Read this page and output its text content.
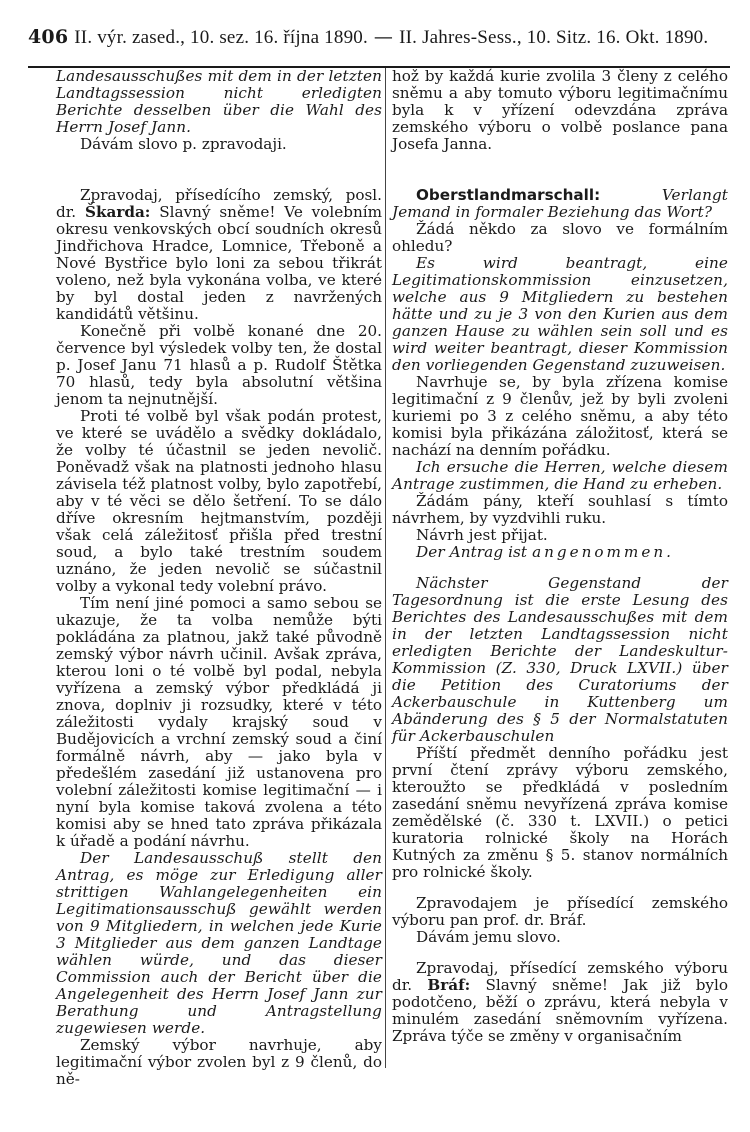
406 II. výr. zased., 10. sez. 16. října 1890. — II. Jahres-Sess., 10. Sitz. 16. Okt. 1890.

Landesausschußes mit dem in der letzten Landtagssession nicht erledigten Berichte desselben über die Wahl des Herrn Josef Jann.

Dávám slovo p. zpravodaji.

Zpravodaj, přísedícího zemský, posl. dr. Škarda: Slavný sněme! Ve volebním okresu venkovských obcí soudních okresů Jindřichova Hradce, Lomnice, Třeboně a Nové Bystřice bylo loni za sebou třikrát voleno, než byla vykonána volba, ve které by byl dostal jeden z navržených kandidátů většinu.

Konečně při volbě konané dne 20. července byl výsledek volby ten, že dostal p. Josef Janu 71 hlasů a p. Rudolf Štětka 70 hlasů, tedy byla absolutní většina jenom ta nejnutnější.

Proti té volbě byl však podán protest, ve které se uvádělo a svědky dokládalo, že volby té účastnil se jeden nevolič. Poněvadž však na platnosti jednoho hlasu závisela též platnost volby, bylo zapotřebí, aby v té věci se dělo šetření. To se dálo dříve okresním hejtmanstvím, později však celá záležitosť přišla před trestní soud, a bylo také trestním soudem uznáno, že jeden nevolič se súčastnil volby a vykonal tedy volební právo.

Tím není jiné pomoci a samo sebou se ukazuje, že ta volba nemůže býti pokládána za platnou, jakž také původně zemský výbor návrh učinil. Avšak zpráva, kterou loni o té volbě byl podal, nebyla vyřízena a zemský výbor předkládá ji znova, doplniv ji rozsudky, které v této záležitosti vydaly krajský soud v Budějovicích a vrchní zemský soud a činí formálně návrh, aby — jako byla v předešlém zasedání již ustanovena pro volební záležitosti komise legitimační — i nyní byla komise taková zvolena a této komisi aby se hned tato zpráva přikázala k úřadě a podání návrhu.

Der Landesausschuß stellt den Antrag, es möge zur Erledigung aller strittigen Wahlangelegenheiten ein Legitimationsausschuß gewählt werden von 9 Mitgliedern, in welchen jede Kurie 3 Mitglieder aus dem ganzen Landtage wählen würde, und das dieser Commission auch der Bericht über die Angelegenheit des Herrn Josef Jann zur Berathung und Antragstellung zugewiesen werde.

Zemský výbor navrhuje, aby legitimační výbor zvolen byl z 9 členů, do ně-

hož by každá kurie zvolila 3 členy z celého sněmu a aby tomuto výboru legitimačnímu byla k v yřízení odevzdána zpráva zemského výboru o volbě poslance pana Josefa Janna.

Oberstlandmarschall:	Verlangt Jemand in formaler Beziehung das Wort?

Žádá někdo za slovo ve formálním ohledu?

Es wird beantragt, eine Legitimationskommission einzusetzen, welche aus 9 Mitgliedern zu bestehen hätte und zu je 3 von den Kurien aus dem ganzen Hause zu wählen sein soll und es wird weiter beantragt, dieser Kommission den vorliegenden Gegenstand zuzuweisen.

Navrhuje se, by byla zřízena komise legitimační z 9 členův, jež by byli zvoleni kuriemi po 3 z celého sněmu, a aby této komisi byla přikázána záložitosť, která se nachází na denním pořádku.

Ich ersuche die Herren, welche diesem Antrage zustimmen, die Hand zu erheben.

Žádám pány, kteří souhlasí s tímto návrhem, by vyzdvihli ruku.

Návrh jest přijat.

Der Antrag ist angenommen.

Nächster Gegenstand der Tagesordnung ist die erste Lesung des Berichtes des Landesausschußes mit dem in der letzten Landtagssession nicht erledigten Berichte der Landeskultur-Kommission (Z. 330, Druck LXVII.) über die Petition des Curatoriums der Ackerbauschule in Kuttenberg um Abänderung des § 5 der Normalstatuten für Ackerbauschulen

Příští předmět denního pořádku jest první čtení zprávy výboru zemského, kteroužto se předkládá v posledním zasedání sněmu nevyřízená zpráva komise zemědělské (č. 330 t. LXVII.) o petici kuratoria rolnické školy na Horách Kutných za změnu § 5. stanov normálních pro rolnické školy.

Zpravodajem je přísedící zemského výboru pan prof. dr. Bráf.

Dávám jemu slovo.

Zpravodaj, přísedící zemského výboru dr. Bráf: Slavný sněme! Jak již bylo podotčeno, běží o zprávu, která nebyla v minulém zasedání sněmovním vyřízena. Zpráva týče se změny v organisačním
